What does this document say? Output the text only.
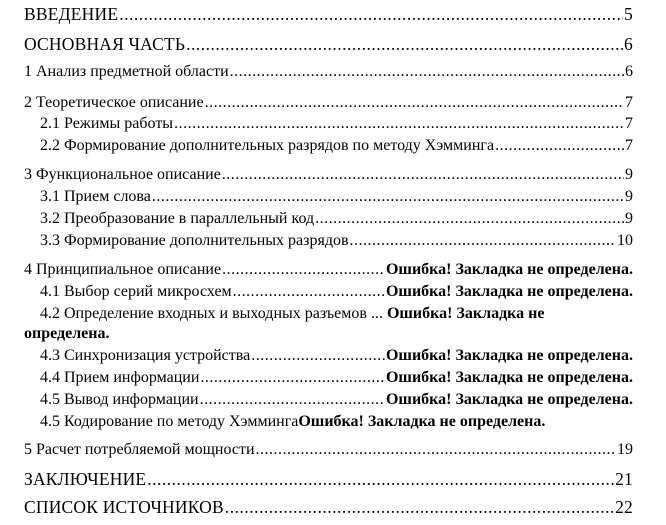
ВВЕДЕНИЕ .....	5
ОСНОВНАЯ ЧАСТЬ .....	6
1 Анализ предметной области .....	6
2 Теоретическое описание .....	7
2.1 Режимы работы .....	7
2.2 Формирование дополнительных разрядов по методу Хэмминга .....	7
3 Функциональное описание .....	9
3.1 Прием слова .....	9
3.2 Преобразование в параллельный код .....	9
3.3 Формирование дополнительных разрядов .....	10
4 Принципиальное описание .....	Ошибка! Закладка не определена.
4.1 Выбор серий микросхем .....	Ошибка! Закладка не определена.
4.2 Определение входных и выходных разъемов ... Ошибка! Закладка не
определена.
4.3 Синхронизация устройства .....	Ошибка! Закладка не определена.
4.4 Прием информации .....	Ошибка! Закладка не определена.
4.5 Вывод информации .....	Ошибка! Закладка не определена.
4.5 Кодирование по методу Хэмминга Ошибка! Закладка не определена.
5 Расчет потребляемой мощности .....	19
ЗАКЛЮЧЕНИЕ .....	21
СПИСОК ИСТОЧНИКОВ .....	22
